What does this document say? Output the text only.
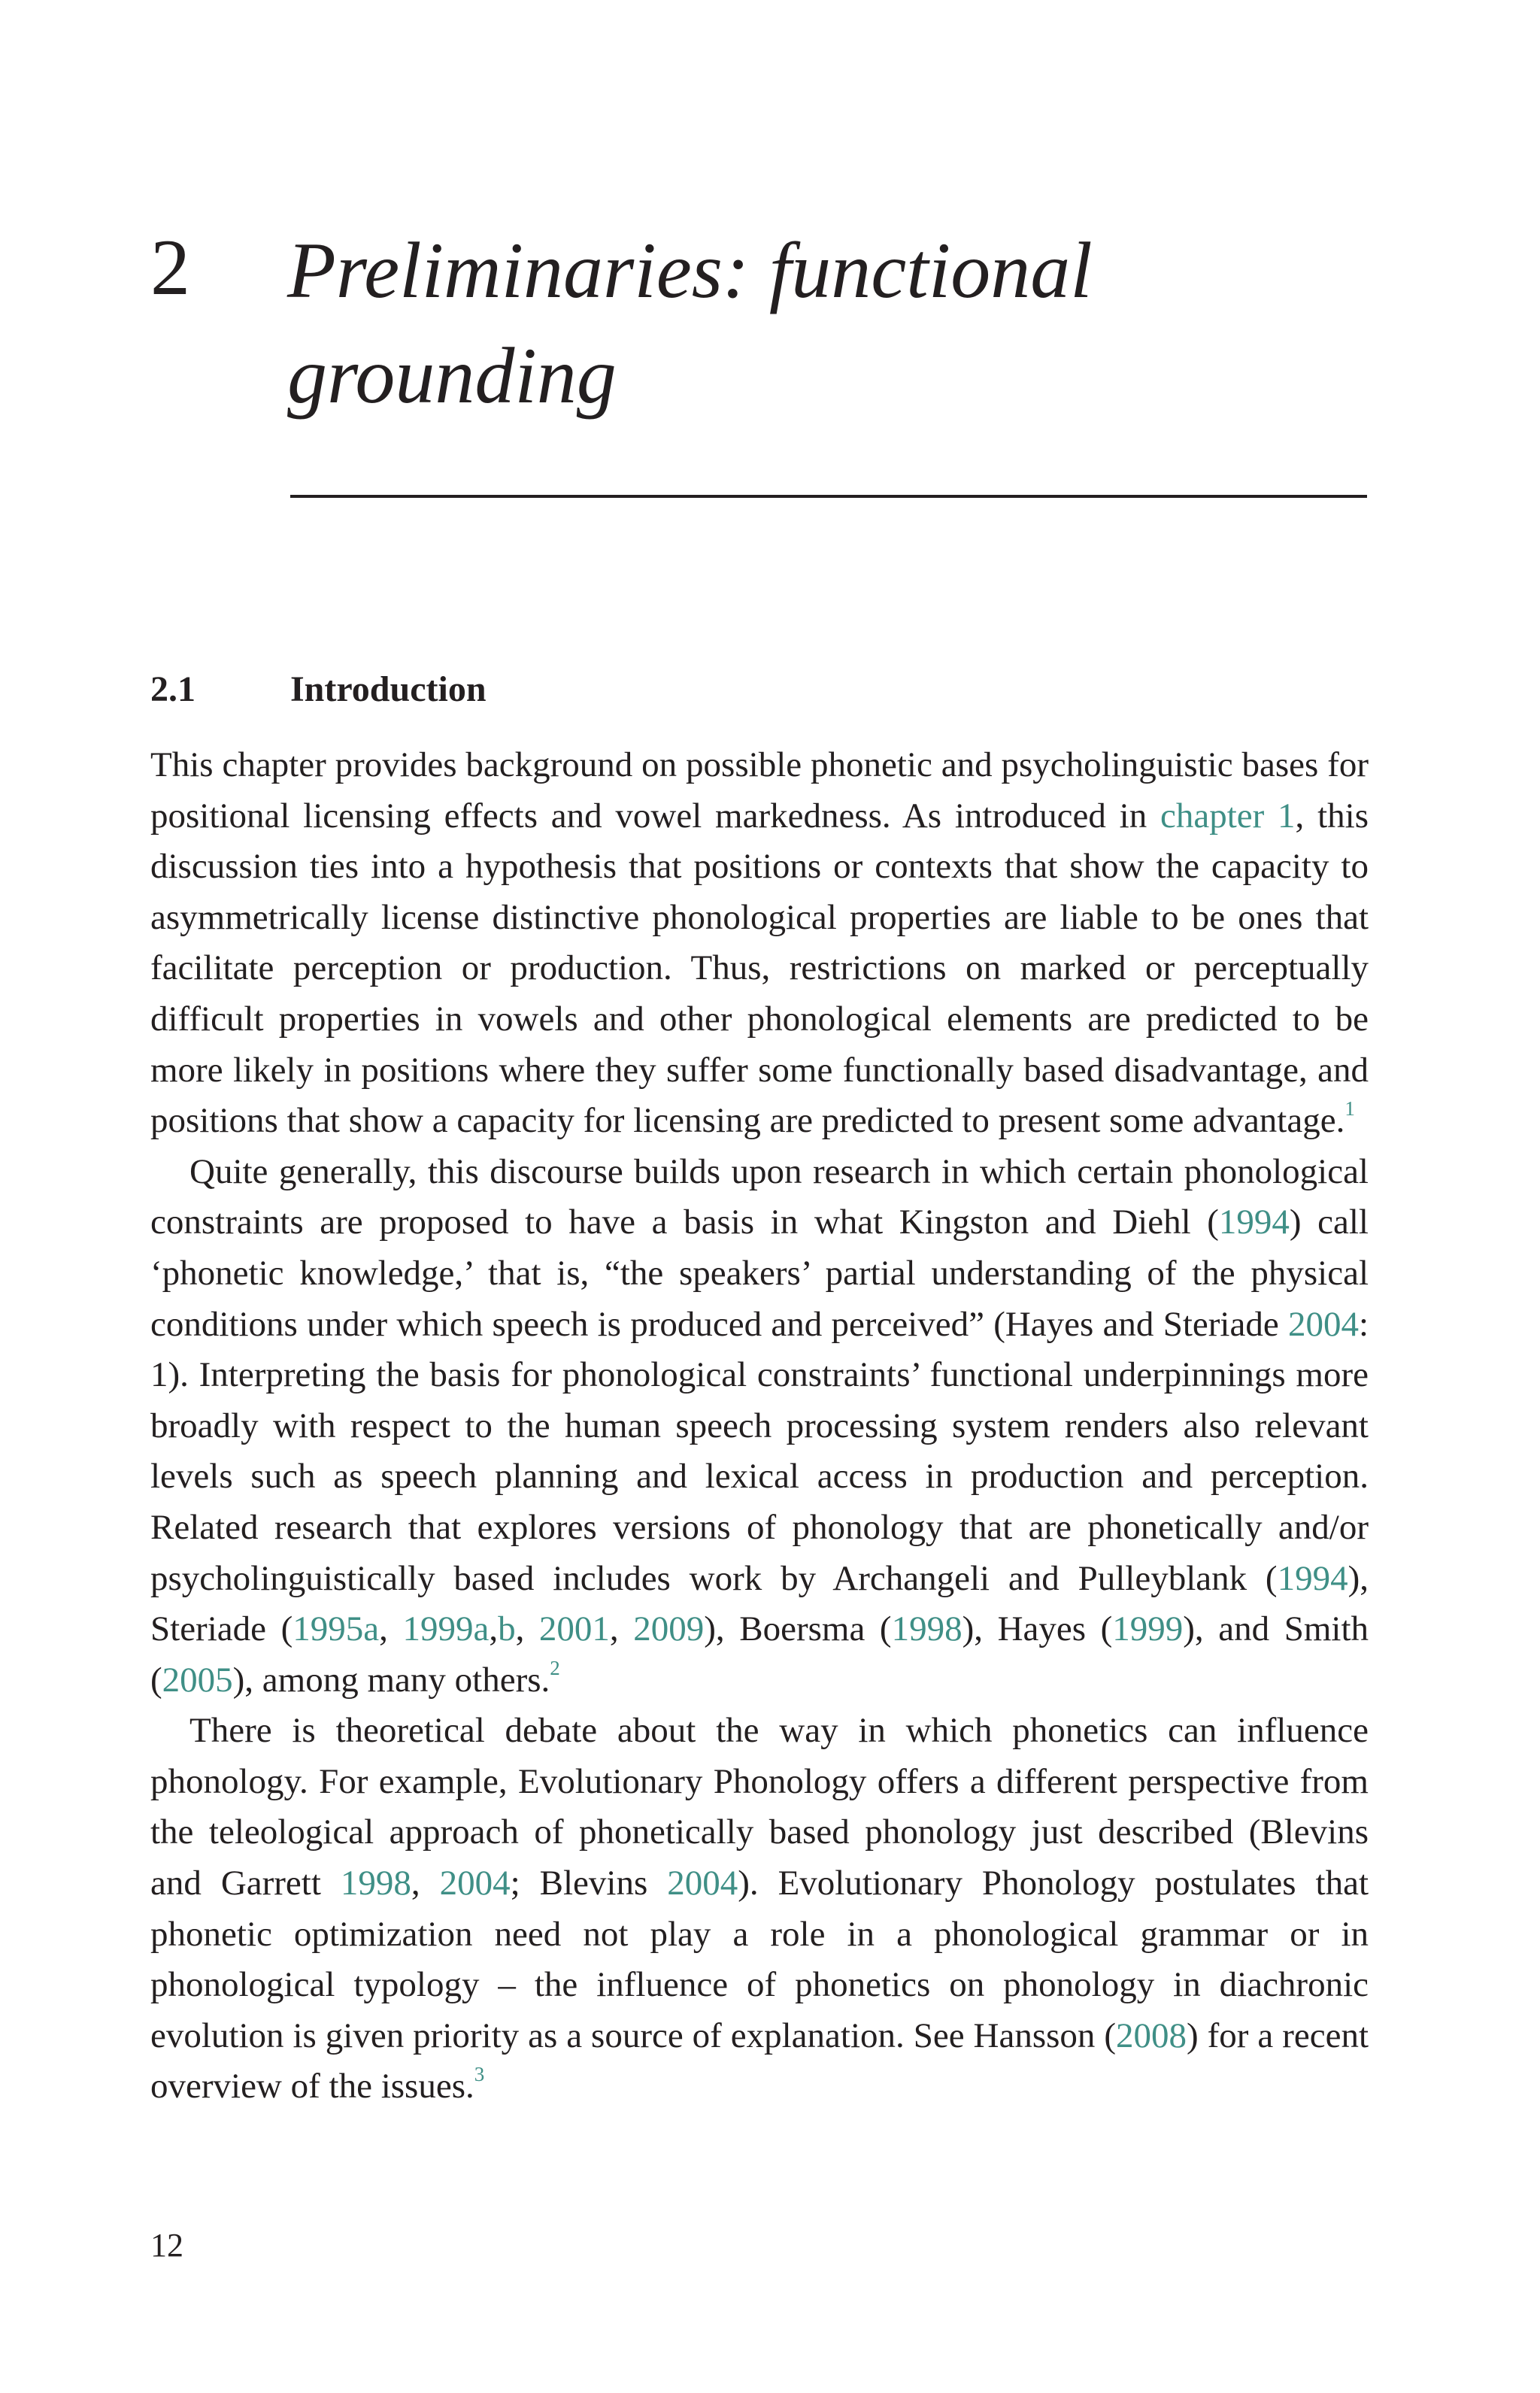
2 Preliminaries: functional
grounding
2.1	Introduction

This chapter provides background on possible phonetic and psycholinguistic bases for positional licensing effects and vowel markedness. As introduced in chapter 1, this discussion ties into a hypothesis that positions or contexts that show the capacity to asymmetrically license distinctive phonological properties are liable to be ones that facilitate perception or production. Thus, restrictions on marked or perceptually difficult properties in vowels and other phonological elements are predicted to be more likely in positions where they suffer some functionally based disadvantage, and positions that show a capacity for licensing are predicted to present some advantage.$^1$

Quite generally, this discourse builds upon research in which certain phonological constraints are proposed to have a basis in what Kingston and Diehl (1994) call ‘phonetic knowledge,’ that is, “the speakers’ partial understanding of the physical conditions under which speech is produced and perceived” (Hayes and Steriade 2004: 1). Interpreting the basis for phonological constraints’ functional underpinnings more broadly with respect to the human speech processing system renders also relevant levels such as speech planning and lexical access in production and perception. Related research that explores versions of phonology that are phonetically and/or psycholinguistically based includes work by Archangeli and Pulleyblank (1994), Steriade (1995a, 1999a,b, 2001, 2009), Boersma (1998), Hayes (1999), and Smith (2005), among many others.$^2$

There is theoretical debate about the way in which phonetics can influence phonology. For example, Evolutionary Phonology offers a different perspective from the teleological approach of phonetically based phonology just described (Blevins and Garrett 1998, 2004; Blevins 2004). Evolutionary Phonology postulates that phonetic optimization need not play a role in a phonological grammar or in phonological typology – the influence of phonetics on phonology in diachronic evolution is given priority as a source of explanation. See Hansson (2008) for a recent overview of the issues.$^3$

12
